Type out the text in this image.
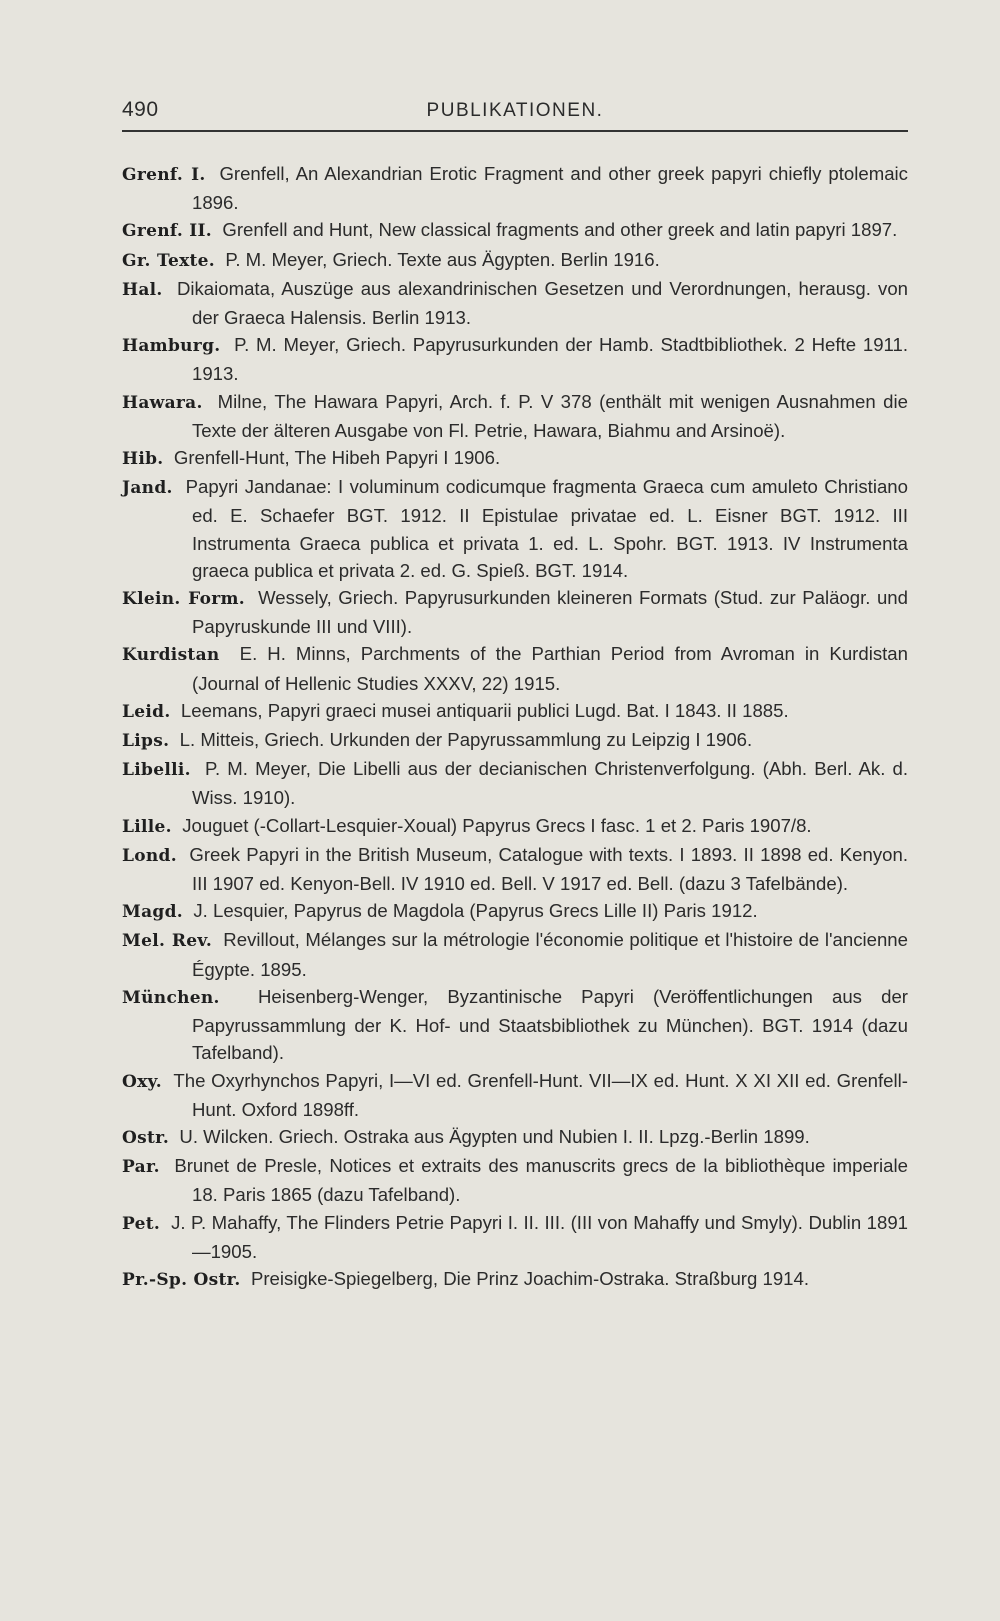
490	PUBLIKATIONEN.

Grenf. I. Grenfell, An Alexandrian Erotic Fragment and other greek papyri chiefly ptolemaic 1896.

Grenf. II. Grenfell and Hunt, New classical fragments and other greek and latin papyri 1897.

Gr. Texte. P. M. Meyer, Griech. Texte aus Ägypten. Berlin 1916.

Hal. Dikaiomata, Auszüge aus alexandrinischen Gesetzen und Verordnungen, herausg. von der Graeca Halensis. Berlin 1913.

Hamburg. P. M. Meyer, Griech. Papyrusurkunden der Hamb. Stadtbibliothek. 2 Hefte 1911. 1913.

Hawara. Milne, The Hawara Papyri, Arch. f. P. V 378 (enthält mit wenigen Ausnahmen die Texte der älteren Ausgabe von Fl. Petrie, Hawara, Biahmu and Arsinoë).

Hib. Grenfell-Hunt, The Hibeh Papyri I 1906.

Jand. Papyri Jandanae: I voluminum codicumque fragmenta Graeca cum amuleto Christiano ed. E. Schaefer BGT. 1912. II Epistulae privatae ed. L. Eisner BGT. 1912. III Instrumenta Graeca publica et privata 1. ed. L. Spohr. BGT. 1913. IV Instrumenta graeca publica et privata 2. ed. G. Spieß. BGT. 1914.

Klein. Form. Wessely, Griech. Papyrusurkunden kleineren Formats (Stud. zur Paläogr. und Papyruskunde III und VIII).

Kurdistan E. H. Minns, Parchments of the Parthian Period from Avroman in Kurdistan (Journal of Hellenic Studies XXXV, 22) 1915.

Leid. Leemans, Papyri graeci musei antiquarii publici Lugd. Bat. I 1843. II 1885.

Lips. L. Mitteis, Griech. Urkunden der Papyrussammlung zu Leipzig I 1906.

Libelli. P. M. Meyer, Die Libelli aus der decianischen Christenverfolgung. (Abh. Berl. Ak. d. Wiss. 1910).

Lille. Jouguet (-Collart-Lesquier-Xoual) Papyrus Grecs I fasc. 1 et 2. Paris 1907/8.

Lond. Greek Papyri in the British Museum, Catalogue with texts. I 1893. II 1898 ed. Kenyon. III 1907 ed. Kenyon-Bell. IV 1910 ed. Bell. V 1917 ed. Bell. (dazu 3 Tafelbände).

Magd. J. Lesquier, Papyrus de Magdola (Papyrus Grecs Lille II) Paris 1912.

Mel. Rev. Revillout, Mélanges sur la métrologie l'économie politique et l'histoire de l'ancienne Égypte. 1895.

München. Heisenberg-Wenger, Byzantinische Papyri (Veröffentlichungen aus der Papyrussammlung der K. Hof- und Staatsbibliothek zu München). BGT. 1914 (dazu Tafelband).

Oxy. The Oxyrhynchos Papyri, I—VI ed. Grenfell-Hunt. VII—IX ed. Hunt. X XI XII ed. Grenfell-Hunt. Oxford 1898ff.

Ostr. U. Wilcken. Griech. Ostraka aus Ägypten und Nubien I. II. Lpzg.-Berlin 1899.

Par. Brunet de Presle, Notices et extraits des manuscrits grecs de la bibliothèque imperiale 18. Paris 1865 (dazu Tafelband).

Pet. J. P. Mahaffy, The Flinders Petrie Papyri I. II. III. (III von Mahaffy und Smyly). Dublin 1891—1905.

Pr.-Sp. Ostr. Preisigke-Spiegelberg, Die Prinz Joachim-Ostraka. Straßburg 1914.
